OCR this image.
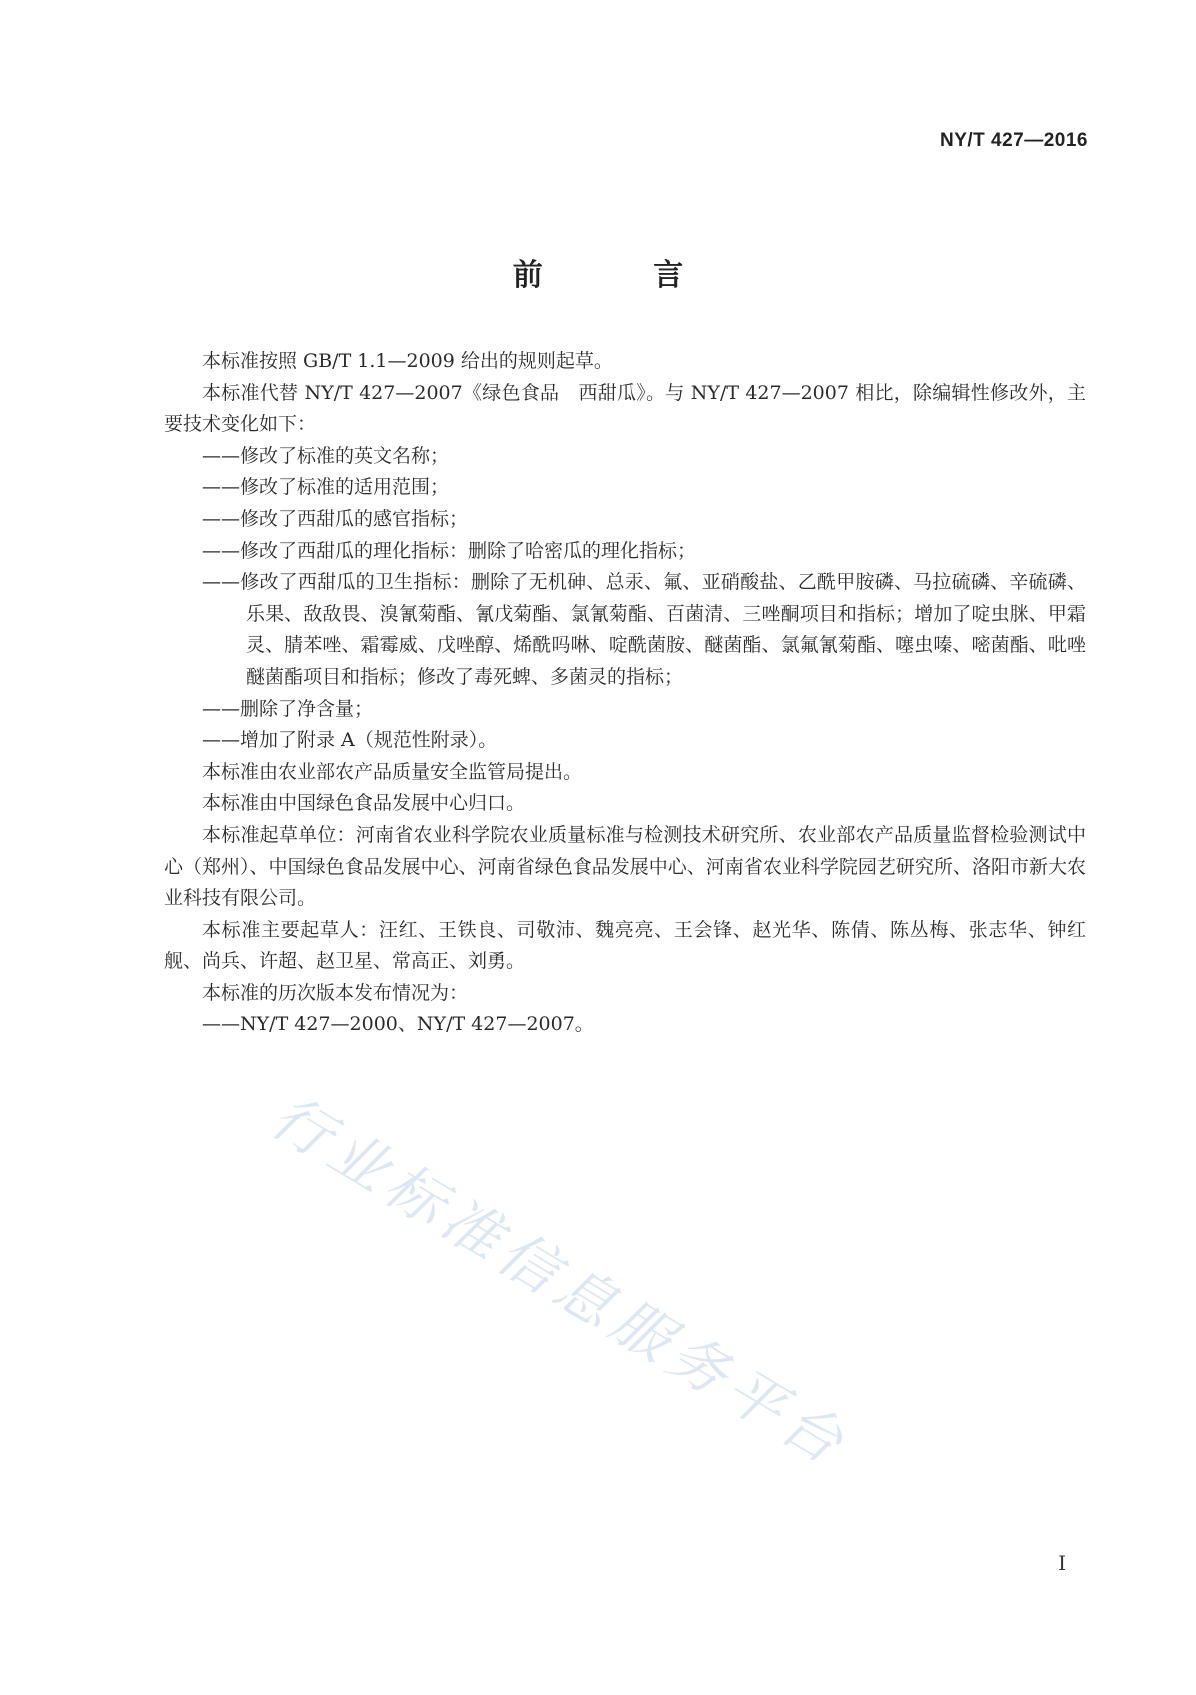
NY/T 427—2016
前 言

本标准按照 GB/T 1.1—2009 给出的规则起草。

本标准代替 NY/T 427—2007《绿色食品　西甜瓜》。与 NY/T 427—2007 相比，除编辑性修改外，主要技术变化如下：

——修改了标准的英文名称；

——修改了标准的适用范围；

——修改了西甜瓜的感官指标；

——修改了西甜瓜的理化指标：删除了哈密瓜的理化指标；

——修改了西甜瓜的卫生指标：删除了无机砷、总汞、氟、亚硝酸盐、乙酰甲胺磷、马拉硫磷、辛硫磷、乐果、敌敌畏、溴氰菊酯、氰戊菊酯、氯氰菊酯、百菌清、三唑酮项目和指标；增加了啶虫脒、甲霜灵、腈苯唑、霜霉威、戊唑醇、烯酰吗啉、啶酰菌胺、醚菌酯、氯氟氰菊酯、噻虫嗪、嘧菌酯、吡唑醚菌酯项目和指标；修改了毒死蜱、多菌灵的指标；

——删除了净含量；

——增加了附录 A（规范性附录）。

本标准由农业部农产品质量安全监管局提出。

本标准由中国绿色食品发展中心归口。

本标准起草单位：河南省农业科学院农业质量标准与检测技术研究所、农业部农产品质量监督检验测试中心（郑州）、中国绿色食品发展中心、河南省绿色食品发展中心、河南省农业科学院园艺研究所、洛阳市新大农业科技有限公司。

本标准主要起草人：汪红、王铁良、司敬沛、魏亮亮、王会锋、赵光华、陈倩、陈丛梅、张志华、钟红舰、尚兵、许超、赵卫星、常高正、刘勇。

本标准的历次版本发布情况为：

——NY/T 427—2000、NY/T 427—2007。

行业标准信息服务平台
I
